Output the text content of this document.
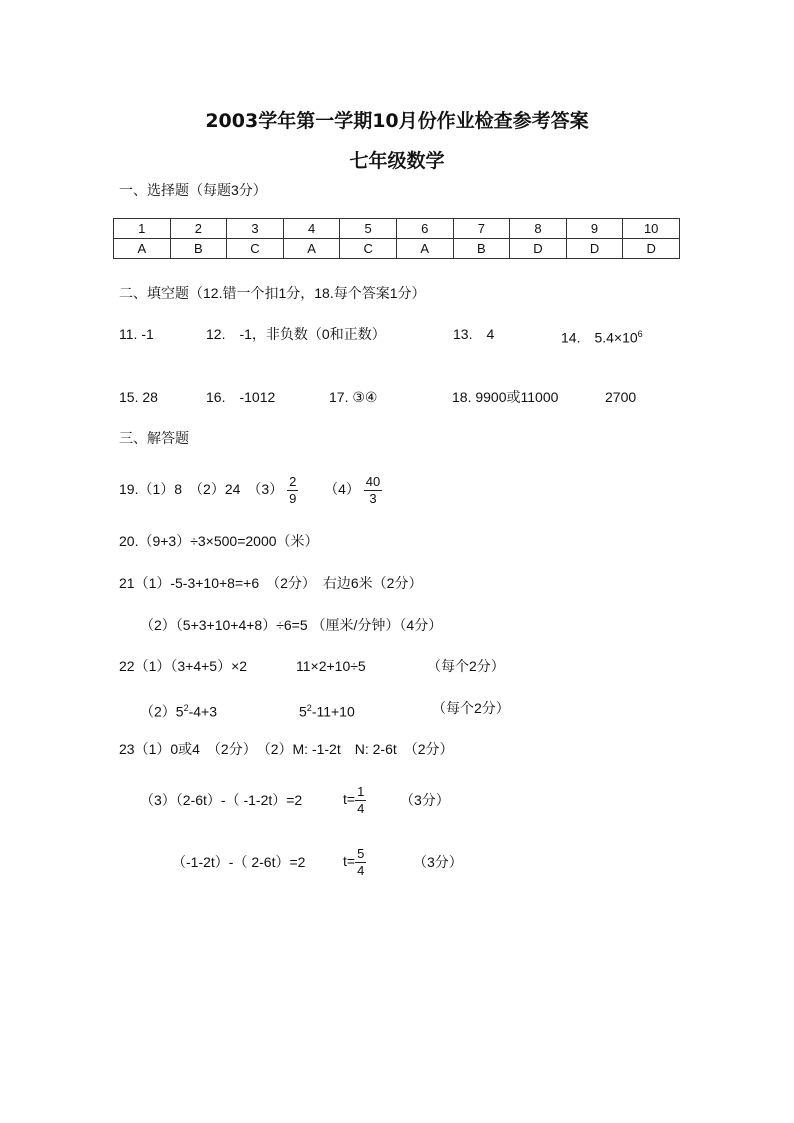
2003学年第一学期10月份作业检查参考答案
七年级数学
一、选择题（每题3分）
1	2	3	4	5	6	7	8	9	10
A	B	C	A	C	A	B	D	D	D
二、填空题（12.错一个扣1分，18.每个答案1分）
11. -1	12.　-1，非负数（0和正数）	13.　4	14.　$5.4\times 10^6$
15. 28	16.　-1012	17. ③④	18. 9900或11000	2700
三、解答题
19.（1）8　（2）24　$(3) \frac{2}{9} (4) \frac{40}{3}$
20.（9+3）÷3×500=2000（米）
21（1）-5-3+10+8=+6　（2分）　右边6米（2分）
（2）（5+3+10+4+8）÷6=5 （厘米/分钟）（4分）
22（1）（3+4+5）×2	11×2+10÷5	（每个2分）
$(2)5^2-4+3$	$5^2-11+10$	（每个2分）
23（1）0或4　（2分）　（2）M: -1-2t　N: 2-6t　（2分）
（3）（2-6t）-（ -1-2t）=2	$t= \frac{1}{4} (3$分）
（-1-2t）-（ 2-6t）=2	$t= \frac{5}{4}$	（3分）
